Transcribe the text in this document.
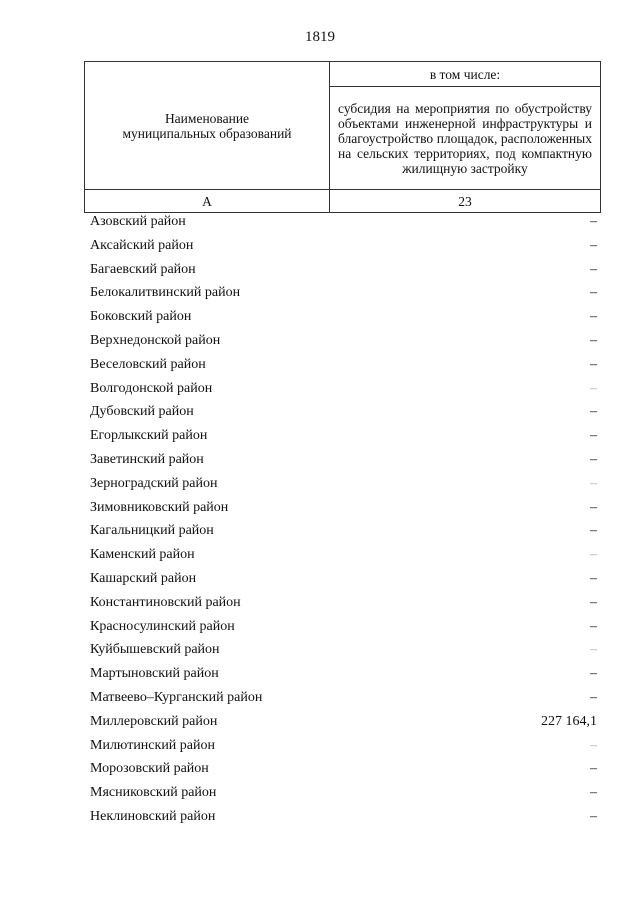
1819
Наименование муниципальных образований	в том числе:
	субсидия на мероприятия по обустройству объектами инженерной инфраструктуры и благоустройство площадок, расположенных на сельских территориях, под компактную жилищную застройку
А	23
Азовский район	–
Аксайский район	–
Багаевский район	–
Белокалитвинский район	–
Боковский район	–
Верхнедонской район	–
Веселовский район	–
Волгодонской район	–
Дубовский район	–
Егорлыкский район	–
Заветинский район	–
Зерноградский район	–
Зимовниковский район	–
Кагальницкий район	–
Каменский район	–
Кашарский район	–
Константиновский район	–
Красносулинский район	–
Куйбышевский район	–
Мартыновский район	–
Матвеево–Курганский район	–
Миллеровский район	227 164,1
Милютинский район	–
Морозовский район	–
Мясниковский район	–
Неклиновский район	–
